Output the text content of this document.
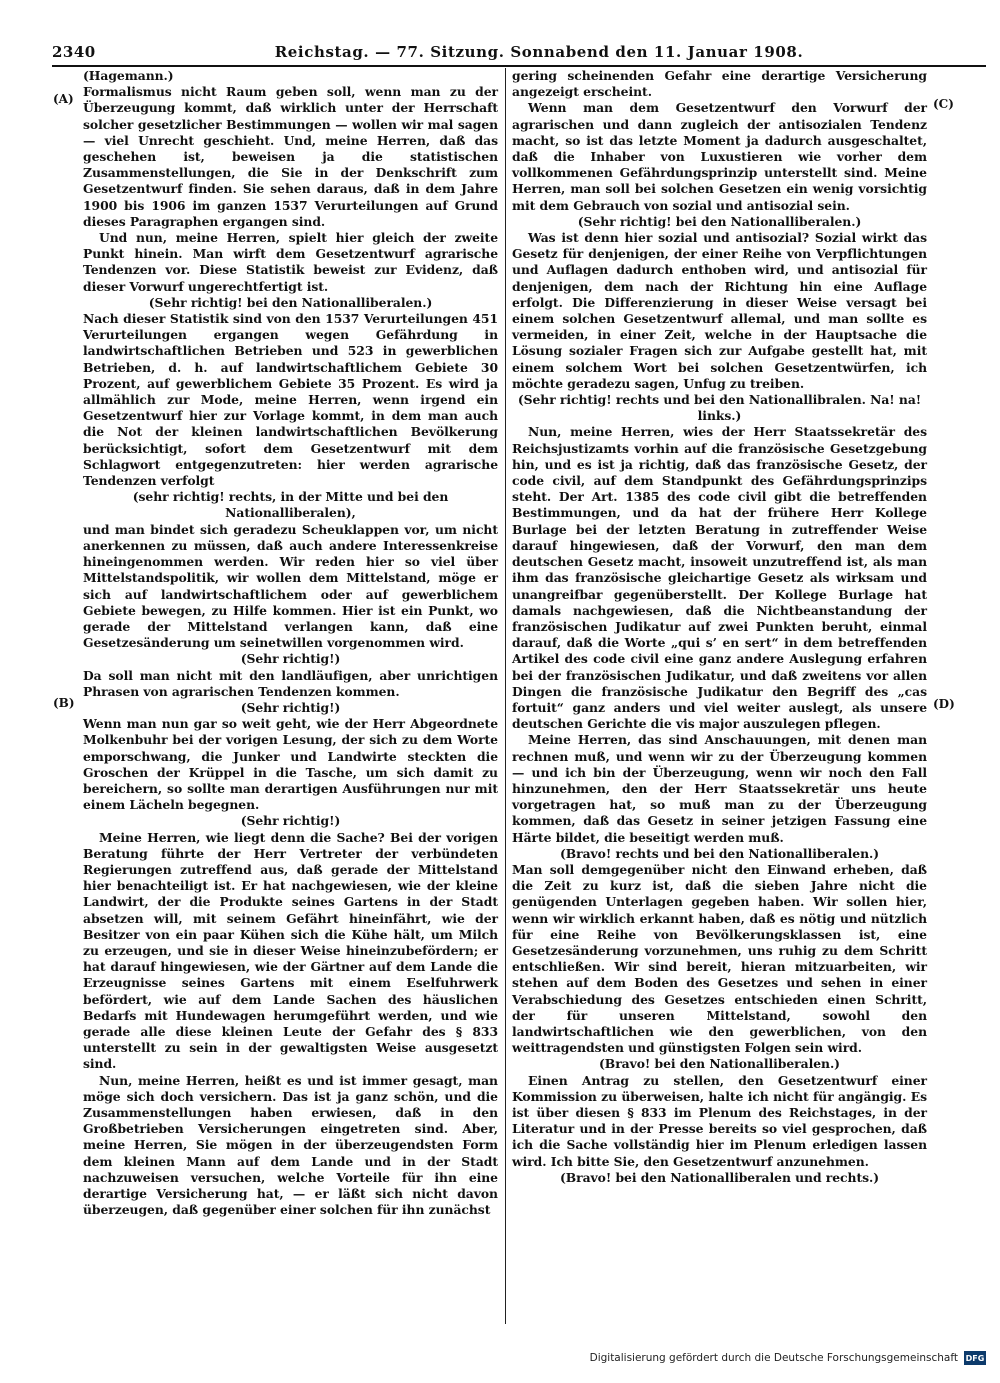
2340	Reichstag. — 77. Sitzung. Sonnabend den 11. Januar 1908.
(A)
(B)
(C)
(D)

(Hagemann.)

Formalismus nicht Raum geben soll, wenn man zu der Überzeugung kommt, daß wirklich unter der Herrschaft solcher gesetzlicher Bestimmungen — wollen wir mal sagen — viel Unrecht geschieht. Und, meine Herren, daß das geschehen ist, beweisen ja die statistischen Zusammenstellungen, die Sie in der Denkschrift zum Gesetzentwurf finden. Sie sehen daraus, daß in dem Jahre 1900 bis 1906 im ganzen 1537 Verurteilungen auf Grund dieses Paragraphen ergangen sind.

Und nun, meine Herren, spielt hier gleich der zweite Punkt hinein. Man wirft dem Gesetzentwurf agrarische Tendenzen vor. Diese Statistik beweist zur Evidenz, daß dieser Vorwurf ungerechtfertigt ist.

(Sehr richtig! bei den Nationalliberalen.)

Nach dieser Statistik sind von den 1537 Verurteilungen 451 Verurteilungen ergangen wegen Gefährdung in landwirtschaftlichen Betrieben und 523 in gewerblichen Betrieben, d. h. auf landwirtschaftlichem Gebiete 30 Prozent, auf gewerblichem Gebiete 35 Prozent. Es wird ja allmählich zur Mode, meine Herren, wenn irgend ein Gesetzentwurf hier zur Vorlage kommt, in dem man auch die Not der kleinen landwirtschaftlichen Bevölkerung berücksichtigt, sofort dem Gesetzentwurf mit dem Schlagwort entgegenzutreten: hier werden agrarische Tendenzen verfolgt

(sehr richtig! rechts, in der Mitte und bei den Nationalliberalen),

und man bindet sich geradezu Scheuklappen vor, um nicht anerkennen zu müssen, daß auch andere Interessenkreise hineingenommen werden. Wir reden hier so viel über Mittelstandspolitik, wir wollen dem Mittelstand, möge er sich auf landwirtschaftlichem oder auf gewerblichem Gebiete bewegen, zu Hilfe kommen. Hier ist ein Punkt, wo gerade der Mittelstand verlangen kann, daß eine Gesetzesänderung um seinetwillen vorgenommen wird.

(Sehr richtig!)

Da soll man nicht mit den landläufigen, aber unrichtigen Phrasen von agrarischen Tendenzen kommen.

(Sehr richtig!)

Wenn man nun gar so weit geht, wie der Herr Abgeordnete Molkenbuhr bei der vorigen Lesung, der sich zu dem Worte emporschwang, die Junker und Landwirte steckten die Groschen der Krüppel in die Tasche, um sich damit zu bereichern, so sollte man derartigen Ausführungen nur mit einem Lächeln begegnen.

(Sehr richtig!)

Meine Herren, wie liegt denn die Sache? Bei der vorigen Beratung führte der Herr Vertreter der verbündeten Regierungen zutreffend aus, daß gerade der Mittelstand hier benachteiligt ist. Er hat nachgewiesen, wie der kleine Landwirt, der die Produkte seines Gartens in der Stadt absetzen will, mit seinem Gefährt hineinfährt, wie der Besitzer von ein paar Kühen sich die Kühe hält, um Milch zu erzeugen, und sie in dieser Weise hineinzubefördern; er hat darauf hingewiesen, wie der Gärtner auf dem Lande die Erzeugnisse seines Gartens mit einem Eselfuhrwerk befördert, wie auf dem Lande Sachen des häuslichen Bedarfs mit Hundewagen herumgeführt werden, und wie gerade alle diese kleinen Leute der Gefahr des § 833 unterstellt zu sein in der gewaltigsten Weise ausgesetzt sind.

Nun, meine Herren, heißt es und ist immer gesagt, man möge sich doch versichern. Das ist ja ganz schön, und die Zusammenstellungen haben erwiesen, daß in den Großbetrieben Versicherungen eingetreten sind. Aber, meine Herren, Sie mögen in der überzeugendsten Form dem kleinen Mann auf dem Lande und in der Stadt nachzuweisen versuchen, welche Vorteile für ihn eine derartige Versicherung hat, — er läßt sich nicht davon überzeugen, daß gegenüber einer solchen für ihn zunächst

gering scheinenden Gefahr eine derartige Versicherung angezeigt erscheint.

Wenn man dem Gesetzentwurf den Vorwurf der agrarischen und dann zugleich der antisozialen Tendenz macht, so ist das letzte Moment ja dadurch ausgeschaltet, daß die Inhaber von Luxustieren wie vorher dem vollkommenen Gefährdungsprinzip unterstellt sind. Meine Herren, man soll bei solchen Gesetzen ein wenig vorsichtig mit dem Gebrauch von sozial und antisozial sein.

(Sehr richtig! bei den Nationalliberalen.)

Was ist denn hier sozial und antisozial? Sozial wirkt das Gesetz für denjenigen, der einer Reihe von Verpflichtungen und Auflagen dadurch enthoben wird, und antisozial für denjenigen, dem nach der Richtung hin eine Auflage erfolgt. Die Differenzierung in dieser Weise versagt bei einem solchen Gesetzentwurf allemal, und man sollte es vermeiden, in einer Zeit, welche in der Hauptsache die Lösung sozialer Fragen sich zur Aufgabe gestellt hat, mit einem solchem Wort bei solchen Gesetzentwürfen, ich möchte geradezu sagen, Unfug zu treiben.

(Sehr richtig! rechts und bei den Nationallibralen. Na! na! links.)

Nun, meine Herren, wies der Herr Staatssekretär des Reichsjustizamts vorhin auf die französische Gesetzgebung hin, und es ist ja richtig, daß das französische Gesetz, der code civil, auf dem Standpunkt des Gefährdungsprinzips steht. Der Art. 1385 des code civil gibt die betreffenden Bestimmungen, und da hat der frühere Herr Kollege Burlage bei der letzten Beratung in zutreffender Weise darauf hingewiesen, daß der Vorwurf, den man dem deutschen Gesetz macht, insoweit unzutreffend ist, als man ihm das französische gleichartige Gesetz als wirksam und unangreifbar gegenüberstellt. Der Kollege Burlage hat damals nachgewiesen, daß die Nichtbeanstandung der französischen Judikatur auf zwei Punkten beruht, einmal darauf, daß die Worte „qui s’ en sert“ in dem betreffenden Artikel des code civil eine ganz andere Auslegung erfahren bei der französischen Judikatur, und daß zweitens vor allen Dingen die französische Judikatur den Begriff des „cas fortuit“ ganz anders und viel weiter auslegt, als unsere deutschen Gerichte die vis major auszulegen pflegen.

Meine Herren, das sind Anschauungen, mit denen man rechnen muß, und wenn wir zu der Überzeugung kommen — und ich bin der Überzeugung, wenn wir noch den Fall hinzunehmen, den der Herr Staatssekretär uns heute vorgetragen hat, so muß man zu der Überzeugung kommen, daß das Gesetz in seiner jetzigen Fassung eine Härte bildet, die beseitigt werden muß.

(Bravo! rechts und bei den Nationalliberalen.)

Man soll demgegenüber nicht den Einwand erheben, daß die Zeit zu kurz ist, daß die sieben Jahre nicht die genügenden Unterlagen gegeben haben. Wir sollen hier, wenn wir wirklich erkannt haben, daß es nötig und nützlich für eine Reihe von Bevölkerungsklassen ist, eine Gesetzesänderung vorzunehmen, uns ruhig zu dem Schritt entschließen. Wir sind bereit, hieran mitzuarbeiten, wir stehen auf dem Boden des Gesetzes und sehen in einer Verabschiedung des Gesetzes entschieden einen Schritt, der für unseren Mittelstand, sowohl den landwirtschaftlichen wie den gewerblichen, von den weittragendsten und günstigsten Folgen sein wird.

(Bravo! bei den Nationalliberalen.)

Einen Antrag zu stellen, den Gesetzentwurf einer Kommission zu überweisen, halte ich nicht für angängig. Es ist über diesen § 833 im Plenum des Reichstages, in der Literatur und in der Presse bereits so viel gesprochen, daß ich die Sache vollständig hier im Plenum erledigen lassen wird. Ich bitte Sie, den Gesetzentwurf anzunehmen.

(Bravo! bei den Nationalliberalen und rechts.)

Digitalisierung gefördert durch die Deutsche Forschungsgemeinschaft DFG
